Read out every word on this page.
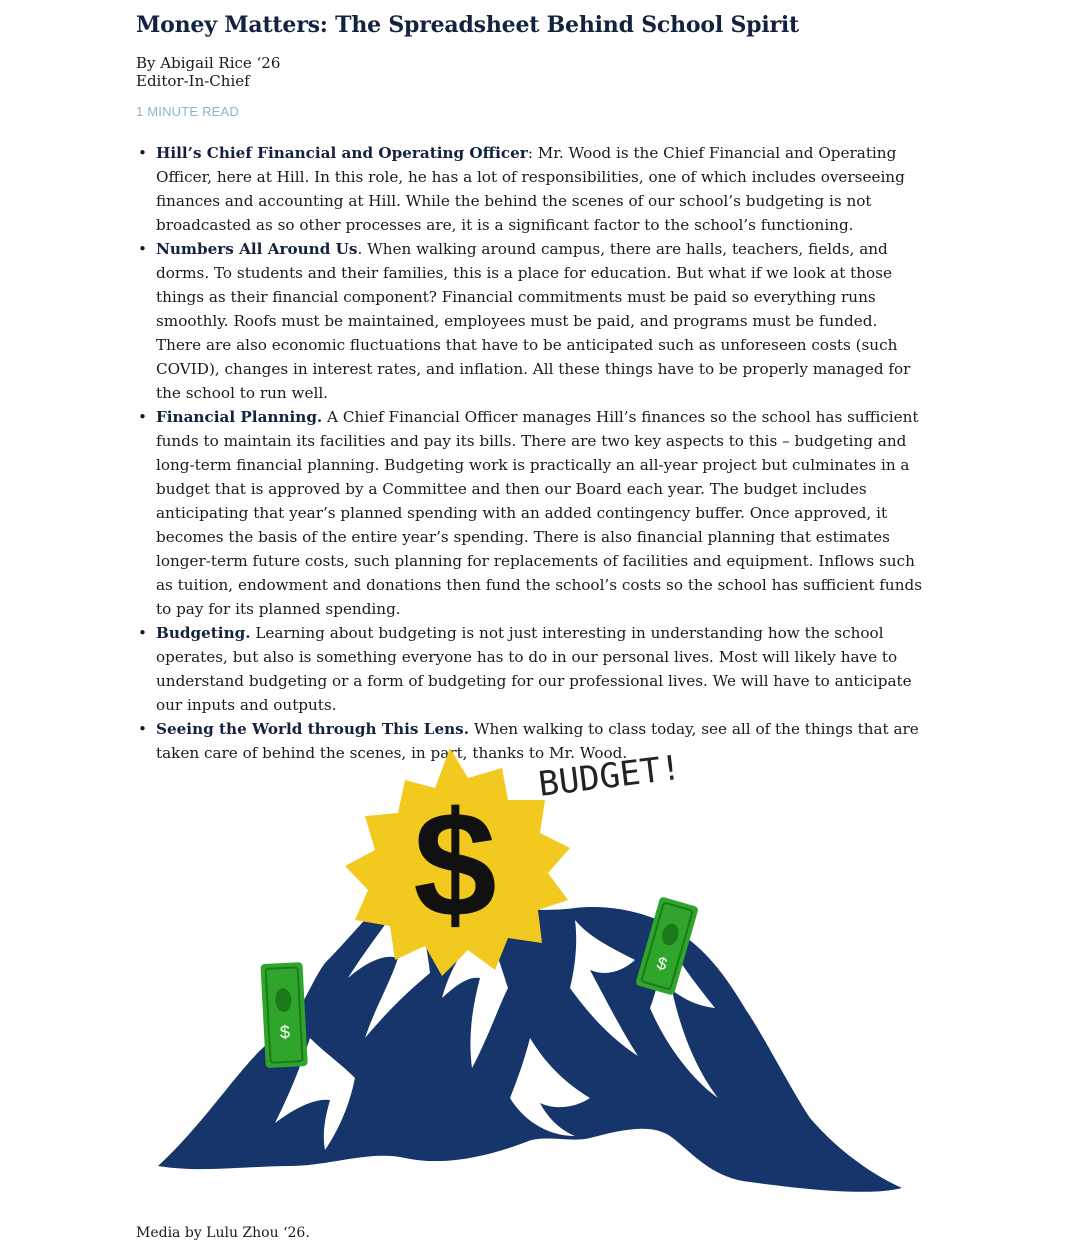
Money Matters: The Spreadsheet Behind School Spirit
By Abigail Rice ‘26
Editor-In-Chief
1 MINUTE READ
• Hill’s Chief Financial and Operating Officer: Mr. Wood is the Chief Financial and Operating Officer, here at Hill. In this role, he has a lot of responsibilities, one of which includes overseeing finances and accounting at Hill. While the behind the scenes of our school’s budgeting is not broadcasted as so other processes are, it is a significant factor to the school’s functioning.
• Numbers All Around Us. When walking around campus, there are halls, teachers, fields, and dorms. To students and their families, this is a place for education. But what if we look at those things as their financial component? Financial commitments must be paid so everything runs smoothly. Roofs must be maintained, employees must be paid, and programs must be funded. There are also economic fluctuations that have to be anticipated such as unforeseen costs (such COVID), changes in interest rates, and inflation. All these things have to be properly managed for the school to run well.
• Financial Planning. A Chief Financial Officer manages Hill’s finances so the school has sufficient funds to maintain its facilities and pay its bills. There are two key aspects to this – budgeting and long-term financial planning. Budgeting work is practically an all-year project but culminates in a budget that is approved by a Committee and then our Board each year. The budget includes anticipating that year’s planned spending with an added contingency buffer. Once approved, it becomes the basis of the entire year’s spending. There is also financial planning that estimates longer-term future costs, such planning for replacements of facilities and equipment. Inflows such as tuition, endowment and donations then fund the school’s costs so the school has sufficient funds to pay for its planned spending.
• Budgeting. Learning about budgeting is not just interesting in understanding how the school operates, but also is something everyone has to do in our personal lives. Most will likely have to understand budgeting or a form of budgeting for our professional lives. We will have to anticipate our inputs and outputs.
• Seeing the World through This Lens. When walking to class today, see all of the things that are taken care of behind the scenes, in part, thanks to Mr. Wood.
$
BUDGET!
$
$
Media by Lulu Zhou ‘26.
